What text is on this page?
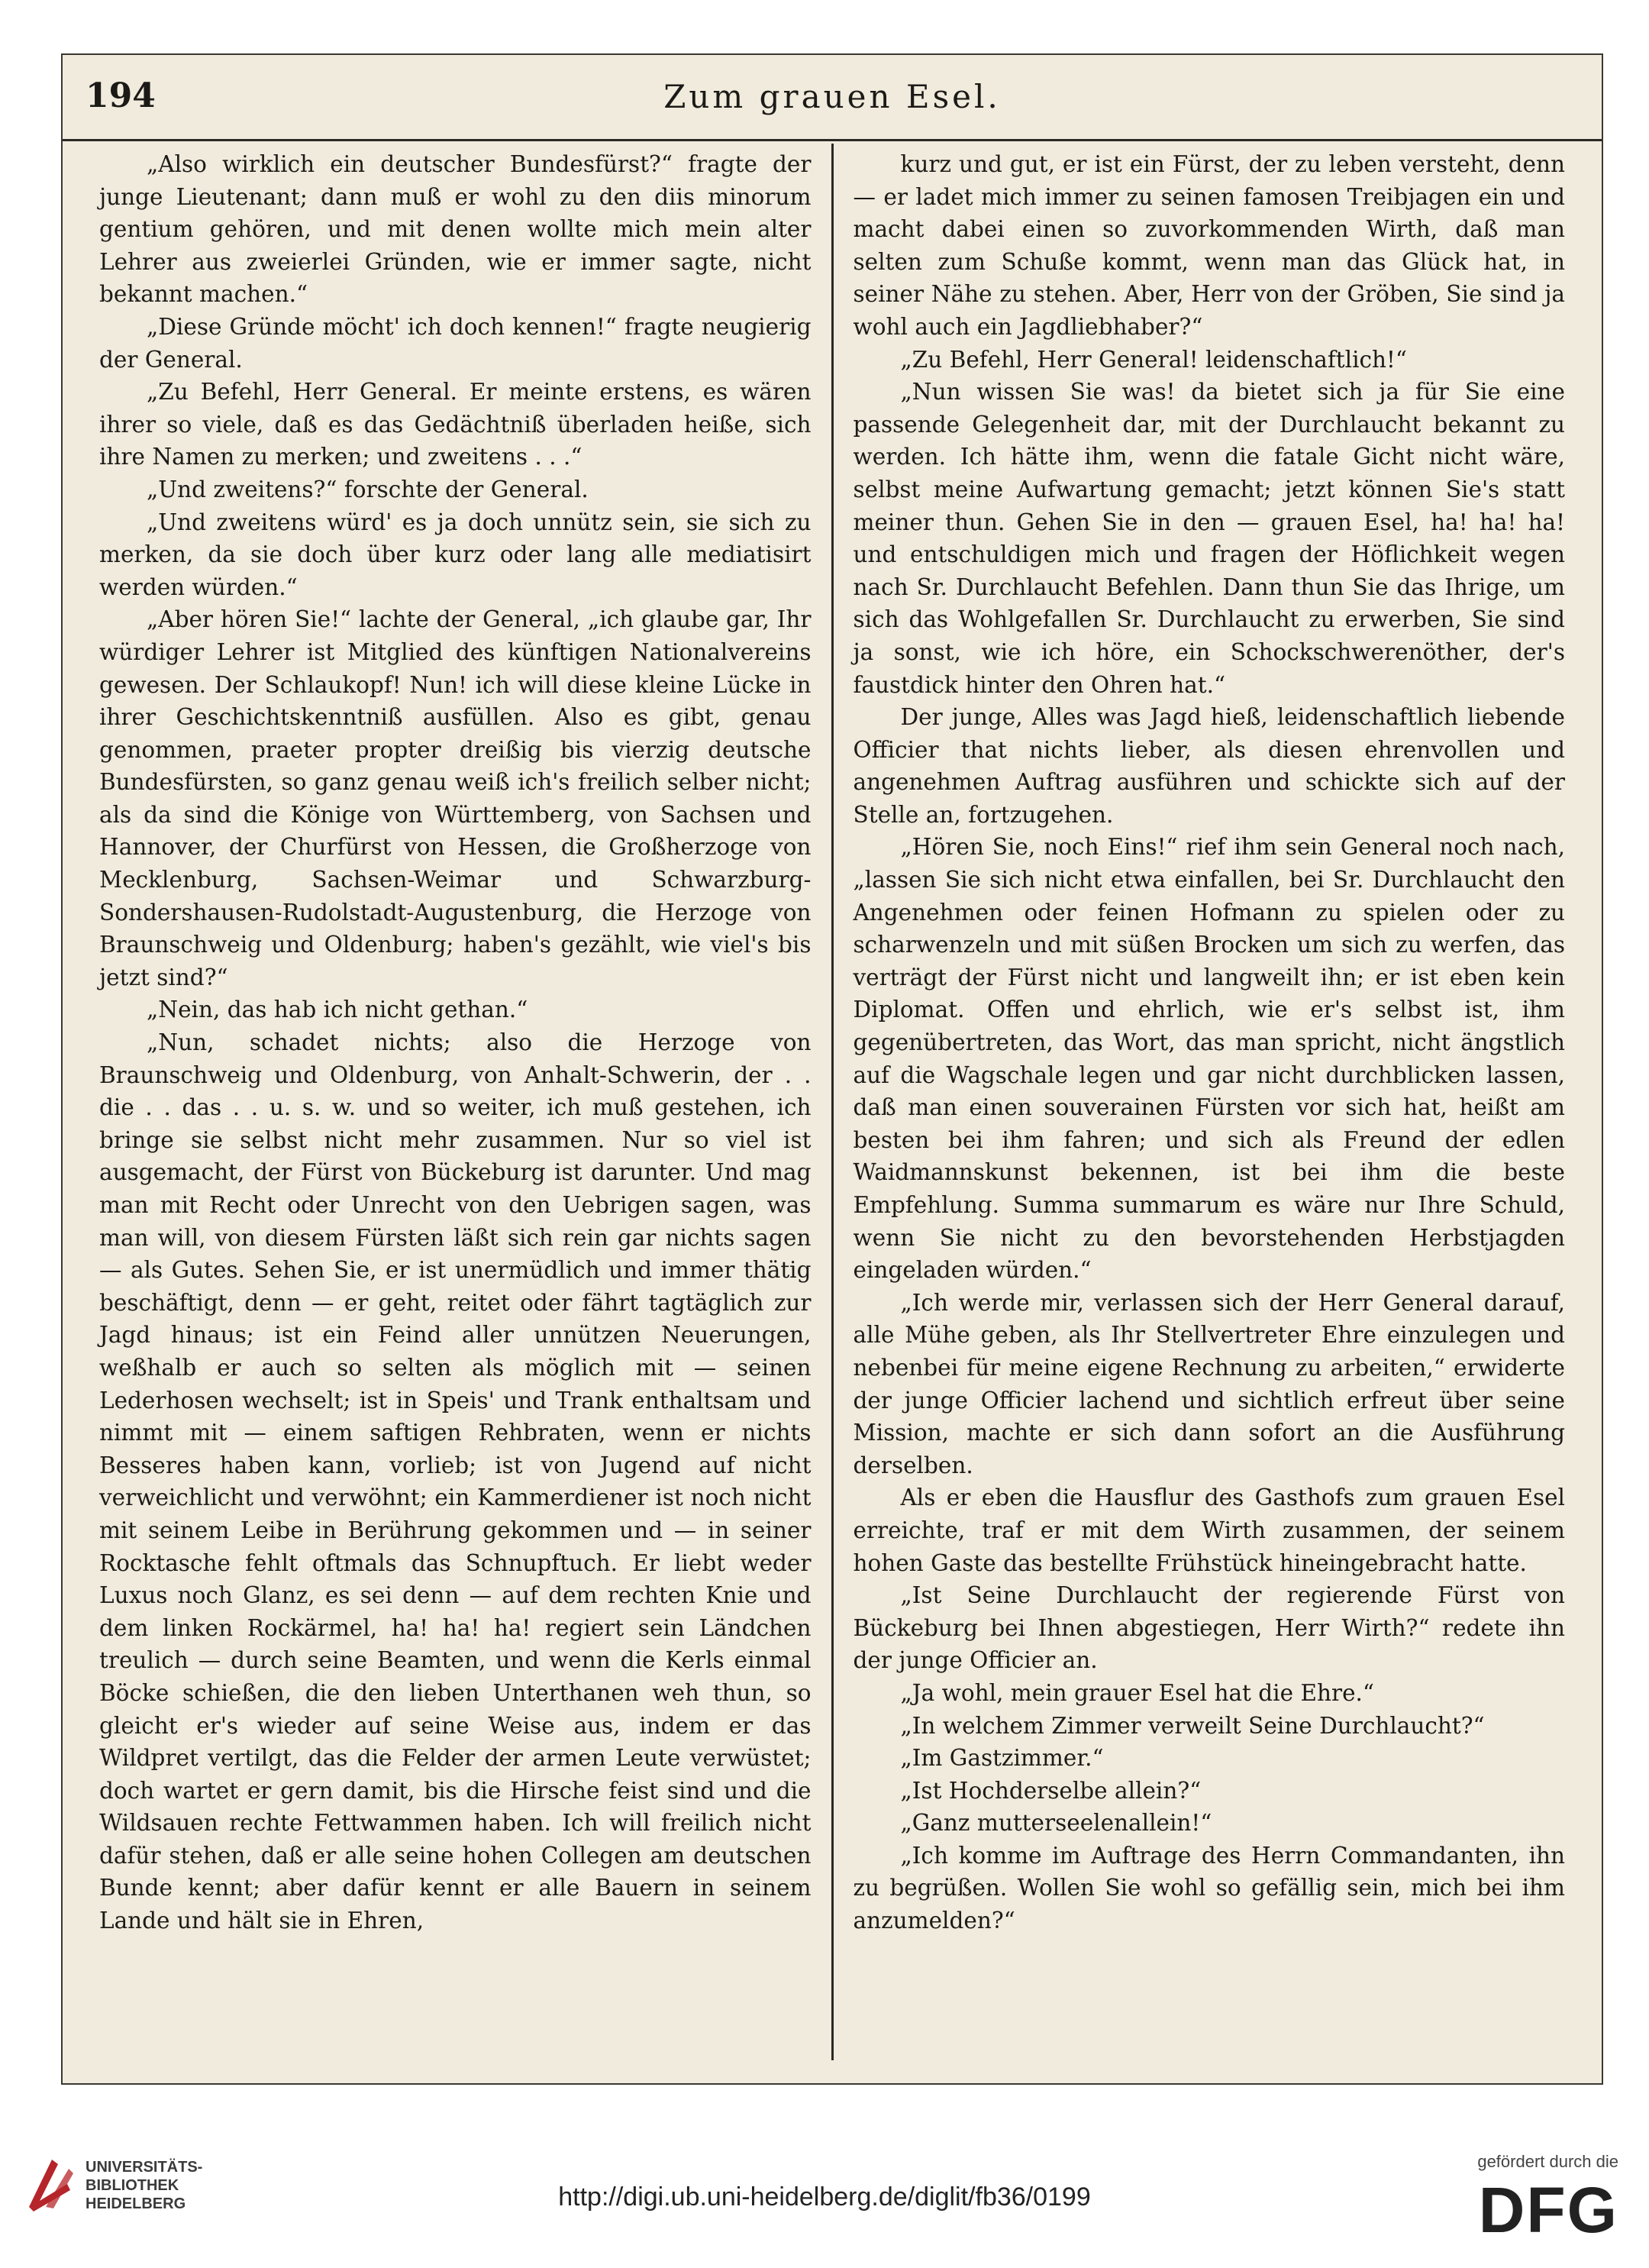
194	Zum grauen Esel.

„Also wirklich ein deutscher Bundesfürst?“ fragte der junge Lieutenant; dann muß er wohl zu den diis minorum gentium gehören, und mit denen wollte mich mein alter Lehrer aus zweierlei Gründen, wie er immer sagte, nicht bekannt machen.“

„Diese Gründe möcht' ich doch kennen!“ fragte neugierig der General.

„Zu Befehl, Herr General. Er meinte erstens, es wären ihrer so viele, daß es das Gedächtniß überladen heiße, sich ihre Namen zu merken; und zweitens . . .“

„Und zweitens?“ forschte der General.

„Und zweitens würd' es ja doch unnütz sein, sie sich zu merken, da sie doch über kurz oder lang alle mediatisirt werden würden.“

„Aber hören Sie!“ lachte der General, „ich glaube gar, Ihr würdiger Lehrer ist Mitglied des künftigen Nationalvereins gewesen. Der Schlaukopf! Nun! ich will diese kleine Lücke in ihrer Geschichtskenntniß ausfüllen. Also es gibt, genau genommen, praeter propter dreißig bis vierzig deutsche Bundesfürsten, so ganz genau weiß ich's freilich selber nicht; als da sind die Könige von Württemberg, von Sachsen und Hannover, der Churfürst von Hessen, die Großherzoge von Mecklenburg, Sachsen-Weimar und Schwarzburg-Sondershausen-Rudolstadt-Augustenburg, die Herzoge von Braunschweig und Oldenburg; haben's gezählt, wie viel's bis jetzt sind?“

„Nein, das hab ich nicht gethan.“

„Nun, schadet nichts; also die Herzoge von Braunschweig und Oldenburg, von Anhalt-Schwerin, der . . die . . das . . u. s. w. und so weiter, ich muß gestehen, ich bringe sie selbst nicht mehr zusammen. Nur so viel ist ausgemacht, der Fürst von Bückeburg ist darunter. Und mag man mit Recht oder Unrecht von den Uebrigen sagen, was man will, von diesem Fürsten läßt sich rein gar nichts sagen — als Gutes. Sehen Sie, er ist unermüdlich und immer thätig beschäftigt, denn — er geht, reitet oder fährt tagtäglich zur Jagd hinaus; ist ein Feind aller unnützen Neuerungen, weßhalb er auch so selten als möglich mit — seinen Lederhosen wechselt; ist in Speis' und Trank enthaltsam und nimmt mit — einem saftigen Rehbraten, wenn er nichts Besseres haben kann, vorlieb; ist von Jugend auf nicht verweichlicht und verwöhnt; ein Kammerdiener ist noch nicht mit seinem Leibe in Berührung gekommen und — in seiner Rocktasche fehlt oftmals das Schnupftuch. Er liebt weder Luxus noch Glanz, es sei denn — auf dem rechten Knie und dem linken Rockärmel, ha! ha! ha! regiert sein Ländchen treulich — durch seine Beamten, und wenn die Kerls einmal Böcke schießen, die den lieben Unterthanen weh thun, so gleicht er's wieder auf seine Weise aus, indem er das Wildpret vertilgt, das die Felder der armen Leute verwüstet; doch wartet er gern damit, bis die Hirsche feist sind und die Wildsauen rechte Fettwammen haben. Ich will freilich nicht dafür stehen, daß er alle seine hohen Collegen am deutschen Bunde kennt; aber dafür kennt er alle Bauern in seinem Lande und hält sie in Ehren,

kurz und gut, er ist ein Fürst, der zu leben versteht, denn — er ladet mich immer zu seinen famosen Treibjagen ein und macht dabei einen so zuvorkommenden Wirth, daß man selten zum Schuße kommt, wenn man das Glück hat, in seiner Nähe zu stehen. Aber, Herr von der Gröben, Sie sind ja wohl auch ein Jagdliebhaber?“

„Zu Befehl, Herr General! leidenschaftlich!“

„Nun wissen Sie was! da bietet sich ja für Sie eine passende Gelegenheit dar, mit der Durchlaucht bekannt zu werden. Ich hätte ihm, wenn die fatale Gicht nicht wäre, selbst meine Aufwartung gemacht; jetzt können Sie's statt meiner thun. Gehen Sie in den — grauen Esel, ha! ha! ha! und entschuldigen mich und fragen der Höflichkeit wegen nach Sr. Durchlaucht Befehlen. Dann thun Sie das Ihrige, um sich das Wohlgefallen Sr. Durchlaucht zu erwerben, Sie sind ja sonst, wie ich höre, ein Schockschwerenöther, der's faustdick hinter den Ohren hat.“

Der junge, Alles was Jagd hieß, leidenschaftlich liebende Officier that nichts lieber, als diesen ehrenvollen und angenehmen Auftrag ausführen und schickte sich auf der Stelle an, fortzugehen.

„Hören Sie, noch Eins!“ rief ihm sein General noch nach, „lassen Sie sich nicht etwa einfallen, bei Sr. Durchlaucht den Angenehmen oder feinen Hofmann zu spielen oder zu scharwenzeln und mit süßen Brocken um sich zu werfen, das verträgt der Fürst nicht und langweilt ihn; er ist eben kein Diplomat. Offen und ehrlich, wie er's selbst ist, ihm gegenübertreten, das Wort, das man spricht, nicht ängstlich auf die Wagschale legen und gar nicht durchblicken lassen, daß man einen souverainen Fürsten vor sich hat, heißt am besten bei ihm fahren; und sich als Freund der edlen Waidmannskunst bekennen, ist bei ihm die beste Empfehlung. Summa summarum es wäre nur Ihre Schuld, wenn Sie nicht zu den bevorstehenden Herbstjagden eingeladen würden.“

„Ich werde mir, verlassen sich der Herr General darauf, alle Mühe geben, als Ihr Stellvertreter Ehre einzulegen und nebenbei für meine eigene Rechnung zu arbeiten,“ erwiderte der junge Officier lachend und sichtlich erfreut über seine Mission, machte er sich dann sofort an die Ausführung derselben.

Als er eben die Hausflur des Gasthofs zum grauen Esel erreichte, traf er mit dem Wirth zusammen, der seinem hohen Gaste das bestellte Frühstück hineingebracht hatte.

„Ist Seine Durchlaucht der regierende Fürst von Bückeburg bei Ihnen abgestiegen, Herr Wirth?“ redete ihn der junge Officier an.

„Ja wohl, mein grauer Esel hat die Ehre.“

„In welchem Zimmer verweilt Seine Durchlaucht?“

„Im Gastzimmer.“

„Ist Hochderselbe allein?“

„Ganz mutterseelenallein!“

„Ich komme im Auftrage des Herrn Commandanten, ihn zu begrüßen. Wollen Sie wohl so gefällig sein, mich bei ihm anzumelden?“

UNIVERSITÄTS-
BIBLIOTHEK
HEIDELBERG	http://digi.ub.uni-heidelberg.de/diglit/fb36/0199
gefördert durch die
DFG
